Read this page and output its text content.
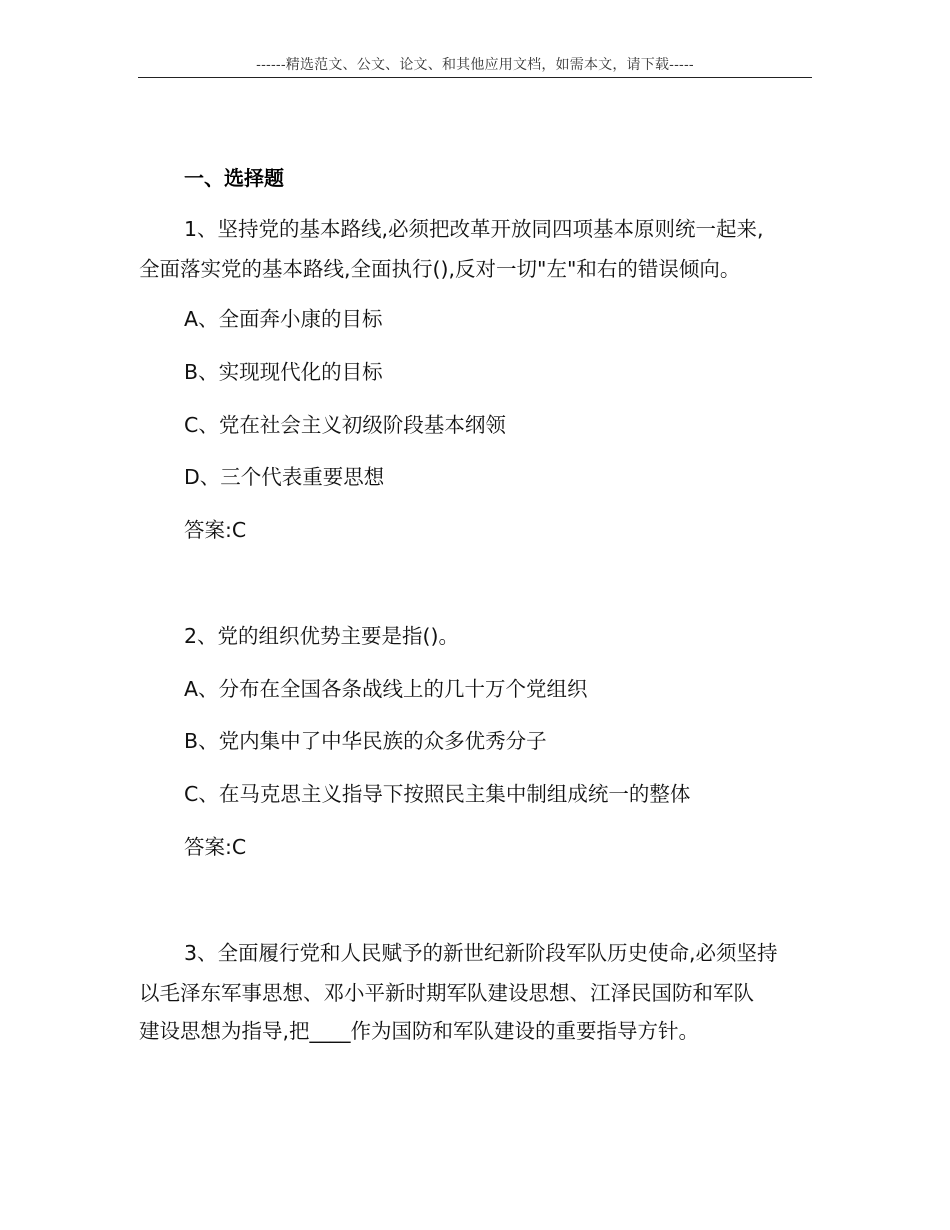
------精选范文、公文、论文、和其他应用文档，如需本文，请下载-----
一、选择题
1、坚持党的基本路线,必须把改革开放同四项基本原则统一起来,
全面落实党的基本路线,全面执行(),反对一切"左"和右的错误倾向。
A、全面奔小康的目标
B、实现现代化的目标
C、党在社会主义初级阶段基本纲领
D、三个代表重要思想
答案:C
2、党的组织优势主要是指()。
A、分布在全国各条战线上的几十万个党组织
B、党内集中了中华民族的众多优秀分子
C、在马克思主义指导下按照民主集中制组成统一的整体
答案:C
3、全面履行党和人民赋予的新世纪新阶段军队历史使命,必须坚持
以毛泽东军事思想、邓小平新时期军队建设思想、江泽民国防和军队
建设思想为指导,把____作为国防和军队建设的重要指导方针。
